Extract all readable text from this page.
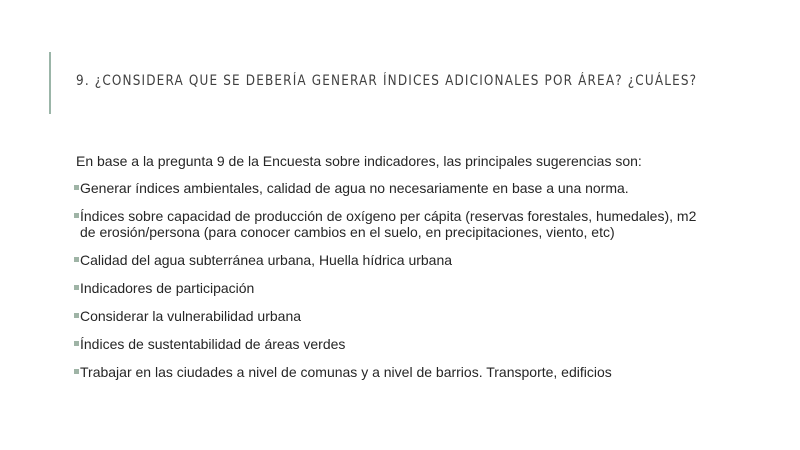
9. ¿CONSIDERA QUE SE DEBERÍA GENERAR ÍNDICES ADICIONALES POR ÁREA? ¿CUÁLES?

En base a la pregunta 9 de la Encuesta sobre indicadores, las principales sugerencias son:

Generar índices ambientales, calidad de agua no necesariamente en base a una norma.
Índices sobre capacidad de producción de oxígeno per cápita (reservas forestales, humedales), m2 de erosión/persona (para conocer cambios en el suelo, en precipitaciones, viento, etc)
Calidad del agua subterránea urbana, Huella hídrica urbana
Indicadores de participación
Considerar la vulnerabilidad urbana
Índices de sustentabilidad de áreas verdes
Trabajar en las ciudades a nivel de comunas y a nivel de barrios. Transporte, edificios
